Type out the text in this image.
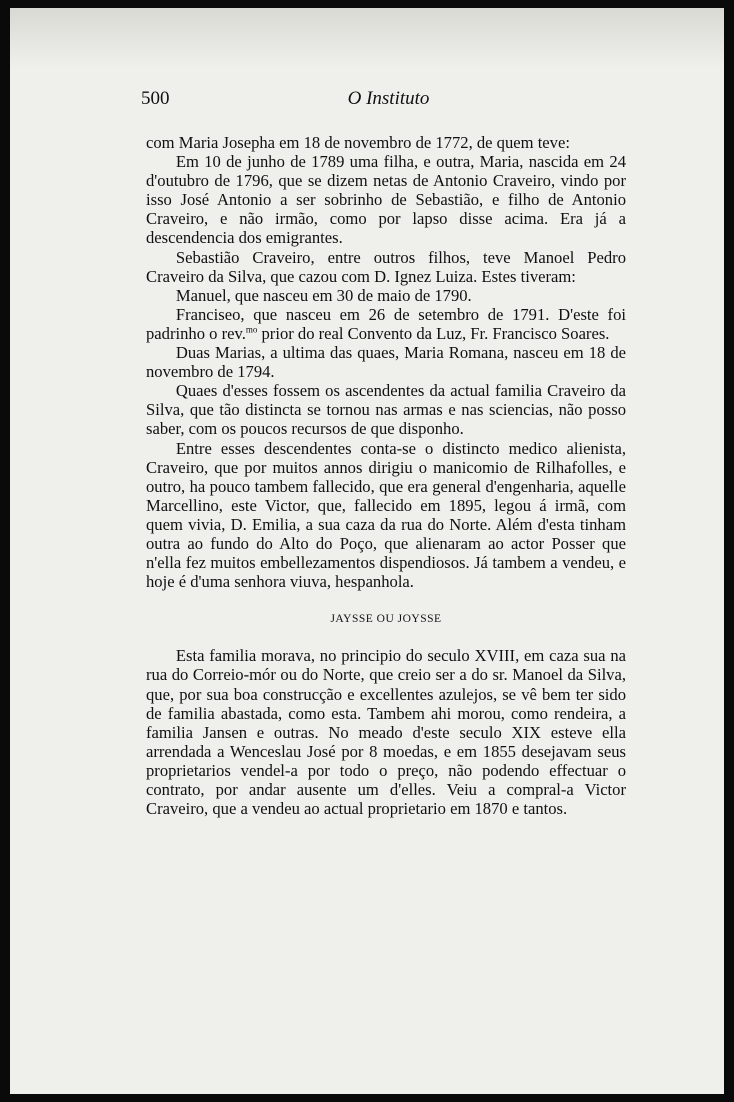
500	O Instituto

com Maria Josepha em 18 de novembro de 1772, de quem teve:

Em 10 de junho de 1789 uma filha, e outra, Maria, nascida em 24 d'outubro de 1796, que se dizem netas de Antonio Craveiro, vindo por isso José Antonio a ser sobrinho de Sebastião, e filho de Antonio Craveiro, e não irmão, como por lapso disse acima. Era já a descendencia dos emigrantes.

Sebastião Craveiro, entre outros filhos, teve Manoel Pedro Craveiro da Silva, que cazou com D. Ignez Luiza. Estes tiveram:

Manuel, que nasceu em 30 de maio de 1790.

Franciseo, que nasceu em 26 de setembro de 1791. D'este foi padrinho o rev.$^{mo}$ prior do real Convento da Luz, Fr. Francisco Soares.

Duas Marias, a ultima das quaes, Maria Romana, nasceu em 18 de novembro de 1794.

Quaes d'esses fossem os ascendentes da actual familia Craveiro da Silva, que tão distincta se tornou nas armas e nas sciencias, não posso saber, com os poucos recursos de que disponho.

Entre esses descendentes conta-se o distincto medico alienista, Craveiro, que por muitos annos dirigiu o manicomio de Rilhafolles, e outro, ha pouco tambem fallecido, que era general d'engenharia, aquelle Marcellino, este Victor, que, fallecido em 1895, legou á irmã, com quem vivia, D. Emilia, a sua caza da rua do Norte. Além d'esta tinham outra ao fundo do Alto do Poço, que alienaram ao actor Posser que n'ella fez muitos embellezamentos dispendiosos. Já tambem a vendeu, e hoje é d'uma senhora viuva, hespanhola.

JAYSSE OU JOYSSE

Esta familia morava, no principio do seculo XVIII, em caza sua na rua do Correio-mór ou do Norte, que creio ser a do sr. Manoel da Silva, que, por sua boa construcção e excellentes azulejos, se vê bem ter sido de familia abastada, como esta. Tambem ahi morou, como rendeira, a familia Jansen e outras. No meado d'este seculo XIX esteve ella arrendada a Wenceslau José por 8 moedas, e em 1855 desejavam seus proprietarios vendel-a por todo o preço, não podendo effectuar o contrato, por andar ausente um d'elles. Veiu a compral-a Victor Craveiro, que a vendeu ao actual proprietario em 1870 e tantos.
